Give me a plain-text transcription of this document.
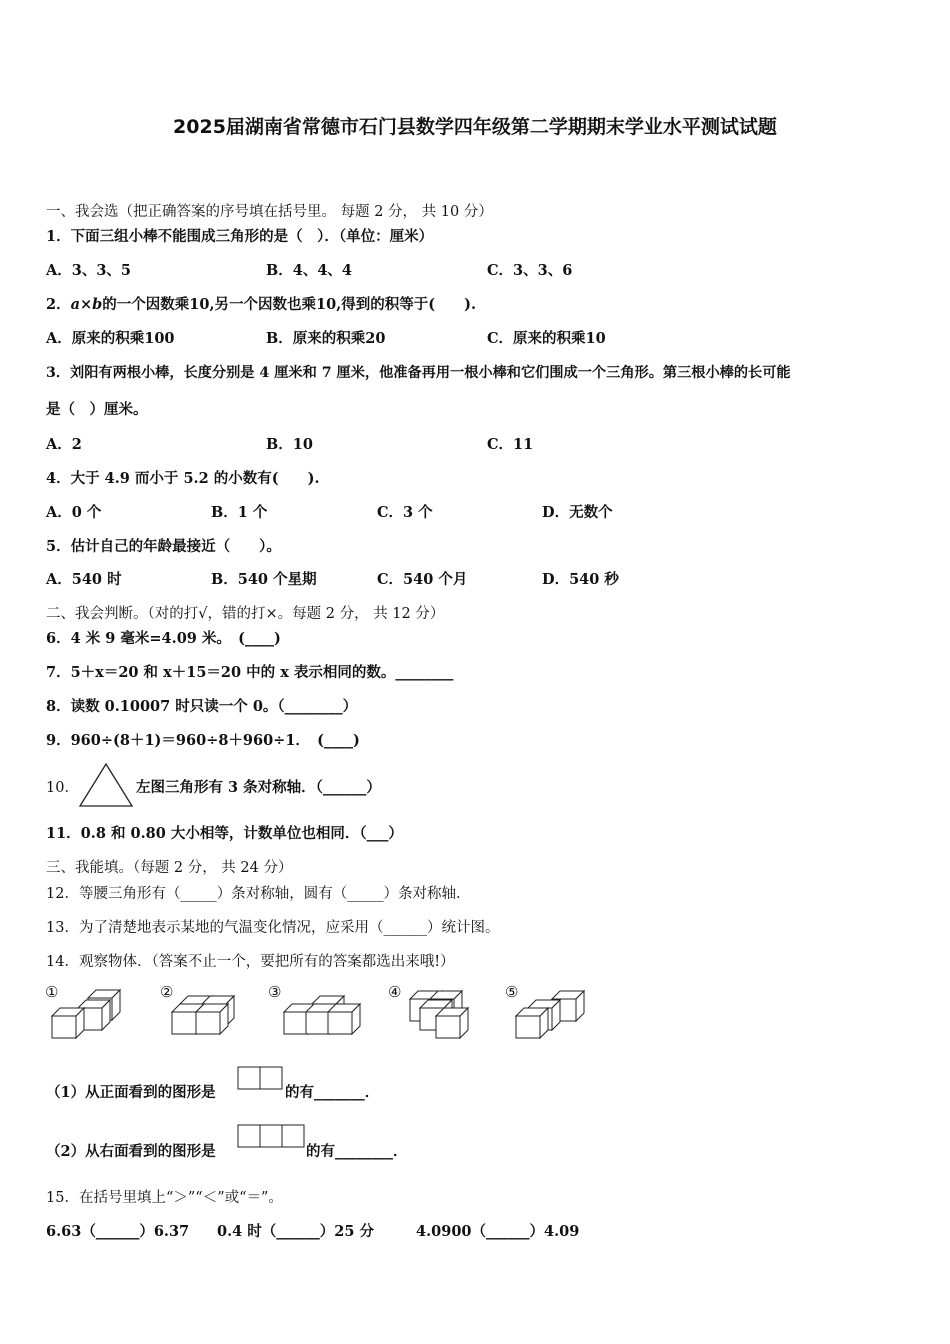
2025届湖南省常德市石门县数学四年级第二学期期末学业水平测试试题
一、我会选（把正确答案的序号填在括号里。 每题 2 分， 共 10 分）
1．下面三组小棒不能围成三角形的是（　）．（单位：厘米）
A．3、3、5	B．4、4、4	C．3、3、6
2．a×b的一个因数乘10,另一个因数也乘10,得到的积等于(　　).
A．原来的积乘100	B．原来的积乘20	C．原来的积乘10
3．刘阳有两根小棒，长度分别是 4 厘米和 7 厘米，他准备再用一根小棒和它们围成一个三角形。第三根小棒的长可能
是（　）厘米。
A．2	B．10	C．11
4．大于 4.9 而小于 5.2 的小数有(　　).
A．0 个	B．1 个	C．3 个	D．无数个
5．估计自己的年龄最接近（　　）。
A．540 时	B．540 个星期	C．540 个月	D．540 秒
二、我会判断。（对的打√，错的打×。每题 2 分， 共 12 分）
6．4 米 9 毫米=4.09 米。　(____)
7．5＋x＝20 和 x＋15＝20 中的 x 表示相同的数。________
8．读数 0.10007 时只读一个 0。（________）
9．960÷(8＋1)＝960÷8＋960÷1．　(____)
10．	左图三角形有 3 条对称轴．（______）
11．0.8 和 0.80 大小相等，计数单位也相同．（___）
三、我能填。（每题 2 分， 共 24 分）
12．等腰三角形有（_____）条对称轴，圆有（_____）条对称轴．
13．为了清楚地表示某地的气温变化情况，应采用（______）统计图。
14．观察物体．（答案不止一个，要把所有的答案都选出来哦!）
①	②	③	④	⑤
（1）从正面看到的图形是	的有_______．
（2）从右面看到的图形是	的有________．
15．在括号里填上“＞”“＜”或“＝”。
6.63（______）6.37 0.4 时（______）25 分	4.0900（______）4.09
